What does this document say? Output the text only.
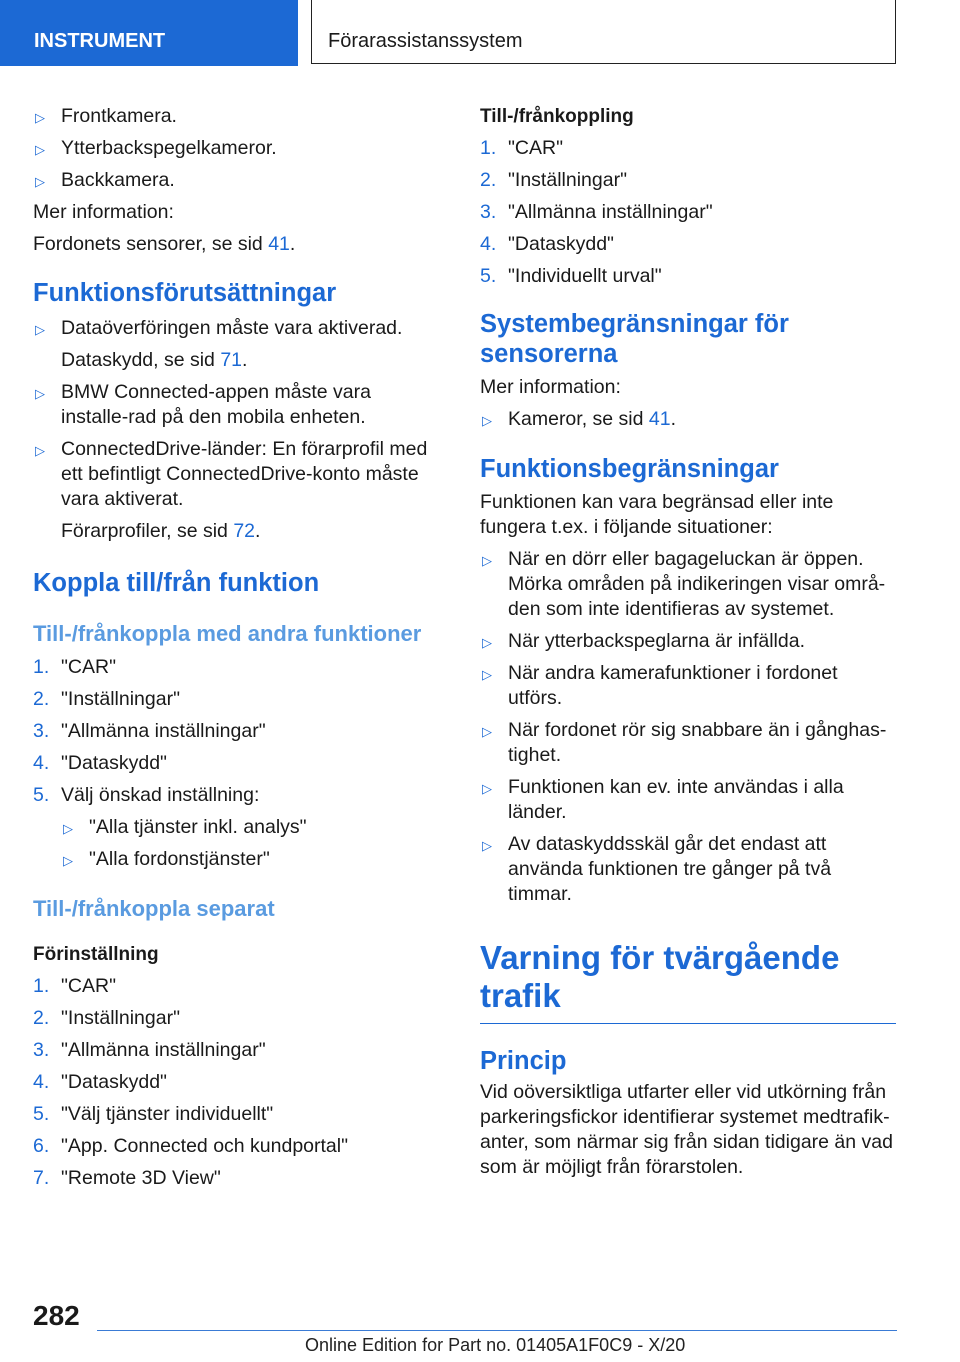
INSTRUMENT	Förarassistanssystem
▷ Frontkamera.
▷ Ytterbackspegelkameror.
▷ Backkamera.

Mer information:

Fordonets sensorer, se sid 41.

Funktionsförutsättningar
▷ Dataöverföringen måste vara aktiverad.

Dataskydd, se sid 71.

▷ BMW Connected-appen måste vara installe-rad på den mobila enheten.
▷ ConnectedDrive-länder: En förarprofil med ett befintligt ConnectedDrive-konto måste vara aktiverat.

Förarprofiler, se sid 72.

Koppla till/från funktion
Till-/frånkoppla med andra funktioner
1. "CAR"
2. "Inställningar"
3. "Allmänna inställningar"
4. "Dataskydd"
5. Välj önskad inställning:
▷ "Alla tjänster inkl. analys"
▷ "Alla fordonstjänster"
Till-/frånkoppla separat

Förinställning

1. "CAR"
2. "Inställningar"
3. "Allmänna inställningar"
4. "Dataskydd"
5. "Välj tjänster individuellt"
6. "App. Connected och kundportal"
7. "Remote 3D View"

Till-/frånkoppling

1. "CAR"
2. "Inställningar"
3. "Allmänna inställningar"
4. "Dataskydd"
5. "Individuellt urval"
Systembegränsningar för sensorerna

Mer information:

▷ Kameror, se sid 41.
Funktionsbegränsningar

Funktionen kan vara begränsad eller inte fungera t.ex. i följande situationer:

▷ När en dörr eller bagageluckan är öppen. Mörka områden på indikeringen visar områ-den som inte identifieras av systemet.
▷ När ytterbackspeglarna är infällda.
▷ När andra kamerafunktioner i fordonet utförs.
▷ När fordonet rör sig snabbare än i gånghas-tighet.
▷ Funktionen kan ev. inte användas i alla länder.
▷ Av dataskyddsskäl går det endast att använda funktionen tre gånger på två timmar.
Varning för tvärgående trafik
Princip

Vid oöversiktliga utfarter eller vid utkörning från parkeringsfickor identifierar systemet medtrafik-anter, som närmar sig från sidan tidigare än vad som är möjligt från förarstolen.

282
Online Edition for Part no. 01405A1F0C9 - X/20
